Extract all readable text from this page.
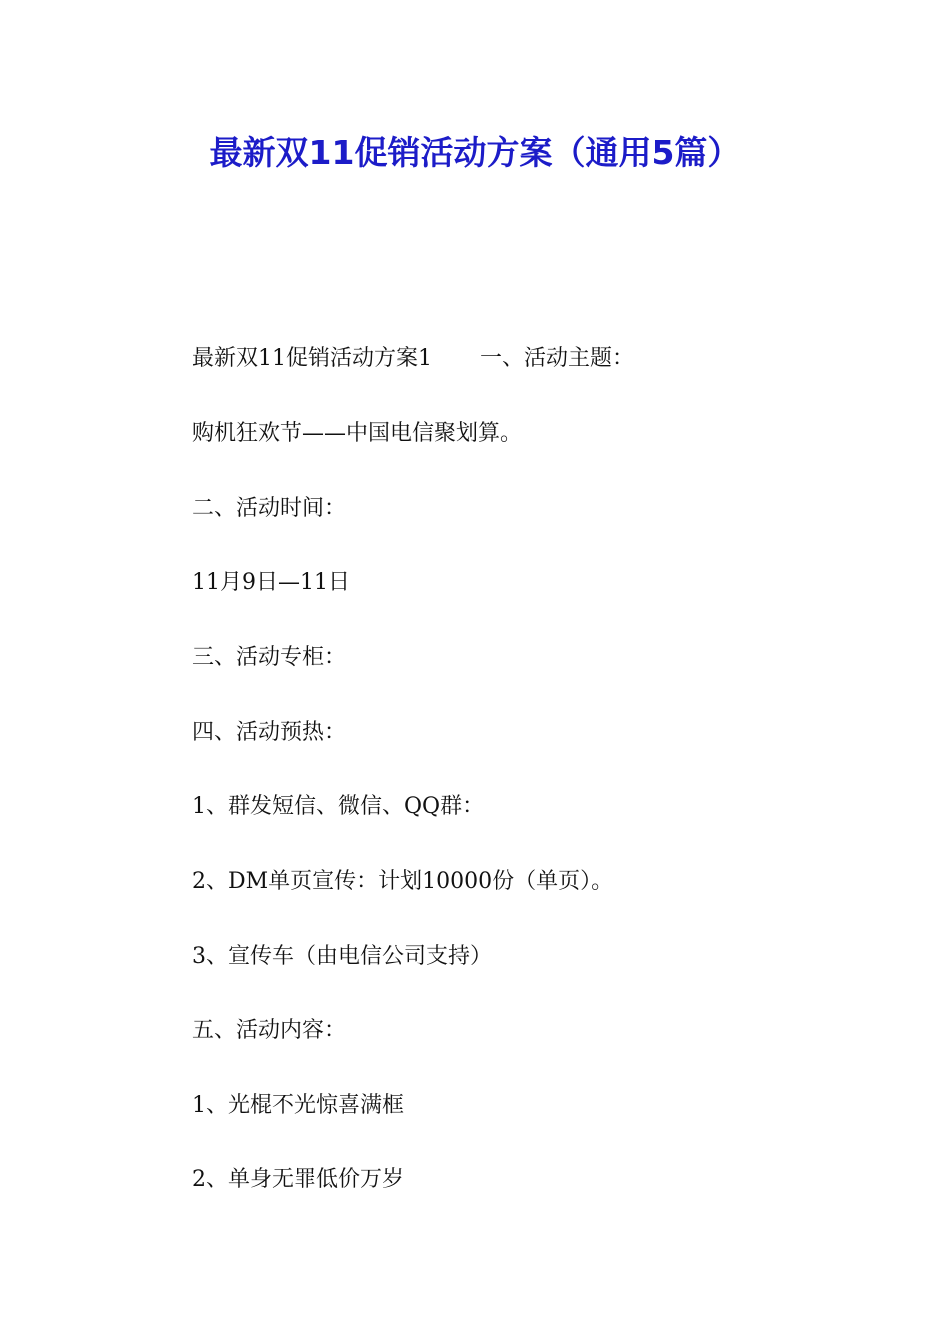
最新双11促销活动方案（通用5篇）

最新双11促销活动方案1 一、活动主题：

购机狂欢节——中国电信聚划算。

二、活动时间：

11月9日—11日

三、活动专柜：

四、活动预热：

1、群发短信、微信、QQ群：

2、DM单页宣传：计划10000份（单页）。

3、宣传车（由电信公司支持）

五、活动内容：

1、光棍不光惊喜满框

2、单身无罪低价万岁
